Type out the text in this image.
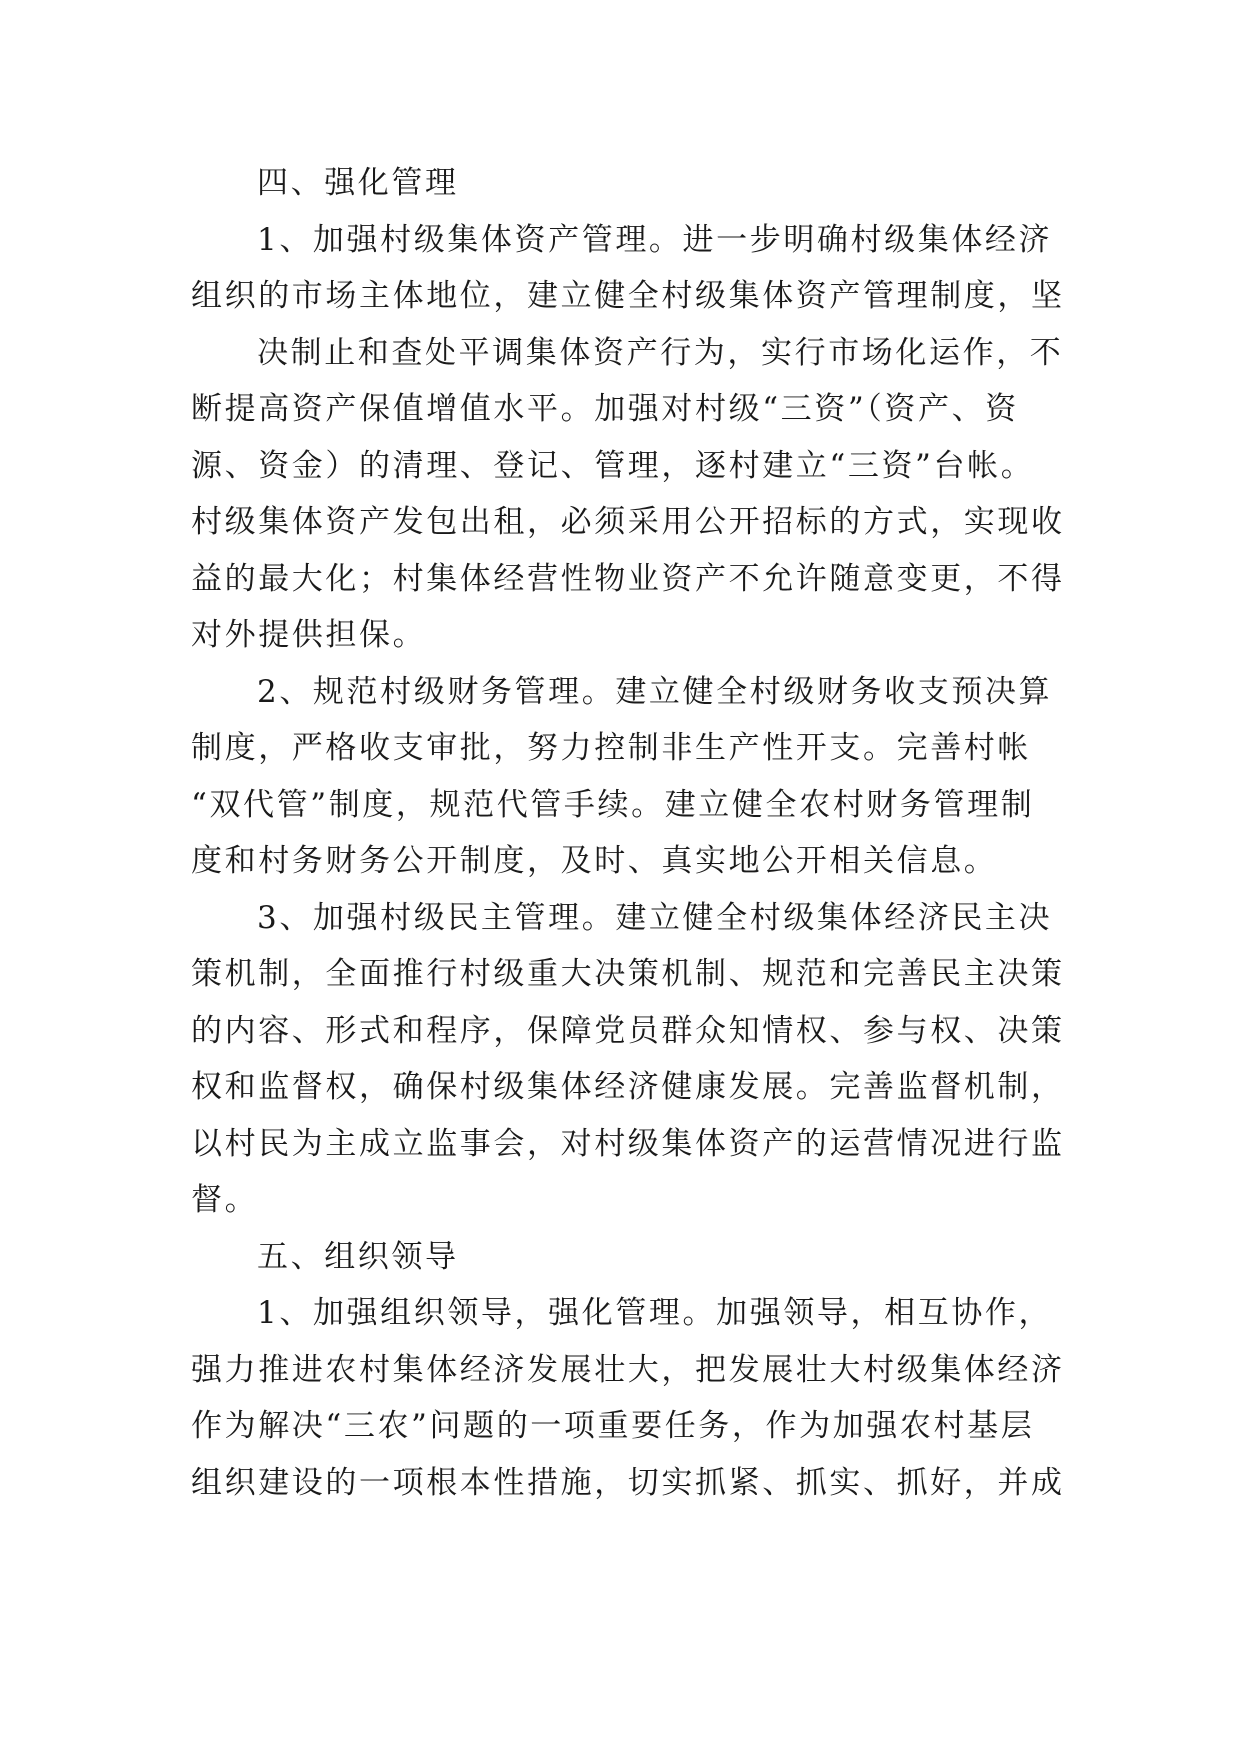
四、强化管理
1、加强村级集体资产管理。进一步明确村级集体经济
组织的市场主体地位，建立健全村级集体资产管理制度，坚
决制止和查处平调集体资产行为，实行市场化运作，不
断提高资产保值增值水平。加强对村级“三资”（资产、资
源、资金）的清理、登记、管理，逐村建立“三资”台帐。
村级集体资产发包出租，必须采用公开招标的方式，实现收
益的最大化；村集体经营性物业资产不允许随意变更，不得
对外提供担保。
2、规范村级财务管理。建立健全村级财务收支预决算
制度，严格收支审批，努力控制非生产性开支。完善村帐
“双代管”制度，规范代管手续。建立健全农村财务管理制
度和村务财务公开制度，及时、真实地公开相关信息。
3、加强村级民主管理。建立健全村级集体经济民主决
策机制，全面推行村级重大决策机制、规范和完善民主决策
的内容、形式和程序，保障党员群众知情权、参与权、决策
权和监督权，确保村级集体经济健康发展。完善监督机制，
以村民为主成立监事会，对村级集体资产的运营情况进行监
督。
五、组织领导
1、加强组织领导，强化管理。加强领导，相互协作，
强力推进农村集体经济发展壮大，把发展壮大村级集体经济
作为解决“三农”问题的一项重要任务，作为加强农村基层
组织建设的一项根本性措施，切实抓紧、抓实、抓好，并成
